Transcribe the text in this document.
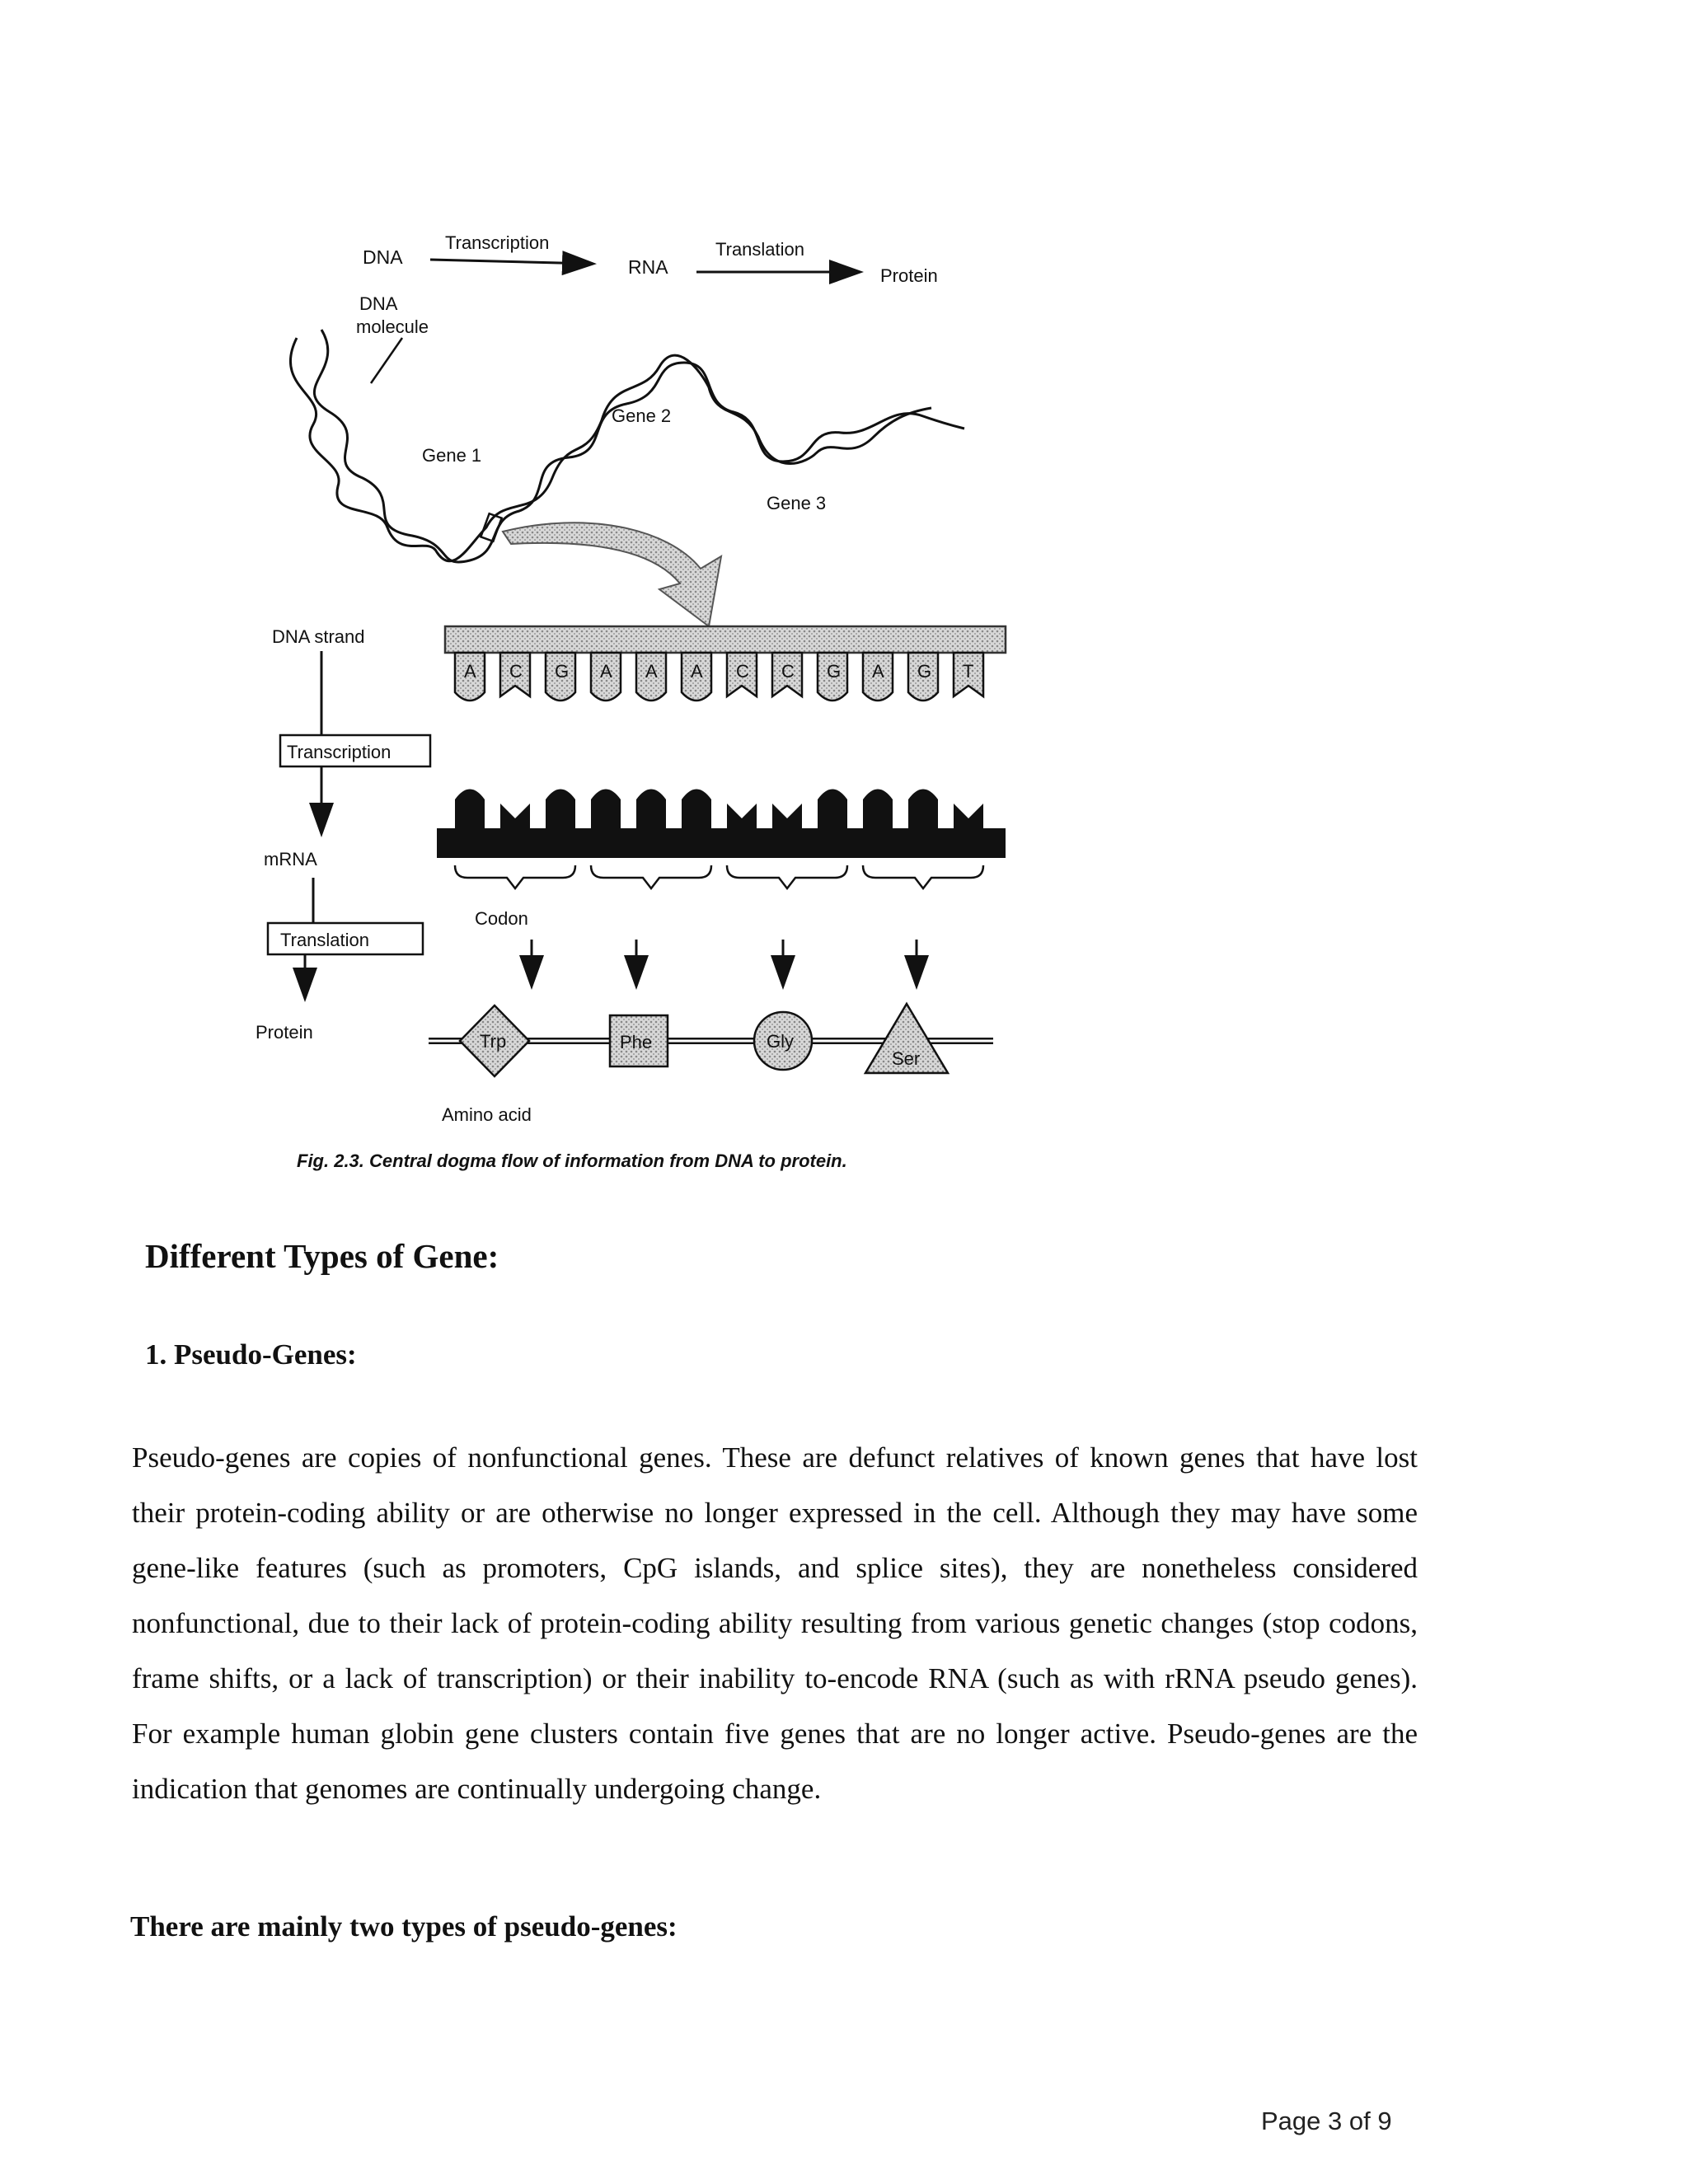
DNA
Transcription
RNA
Translation
Protein
DNA
molecule
Gene 1
Gene 2
Gene 3
DNA strand
Transcription
mRNA
Translation
Protein
A C G A A A C C G A G T
Codon
Trp	Phe	Gly
Ser
Amino acid
Fig. 2.3. Central dogma flow of information from DNA to protein.
Different Types of Gene:
1. Pseudo-Genes:

Pseudo-genes are copies of nonfunctional genes. These are defunct relatives of known genes that have lost their protein-coding ability or are otherwise no longer expressed in the cell. Although they may have some gene-like features (such as promoters, CpG islands, and splice sites), they are nonetheless considered nonfunctional, due to their lack of protein-coding ability resulting from various genetic changes (stop codons, frame shifts, or a lack of transcription) or their inability to-encode RNA (such as with rRNA pseudo genes). For example human globin gene clusters contain five genes that are no longer active. Pseudo-genes are the indication that genomes are continually undergoing change.

There are mainly two types of pseudo-genes:
Page 3 of 9
